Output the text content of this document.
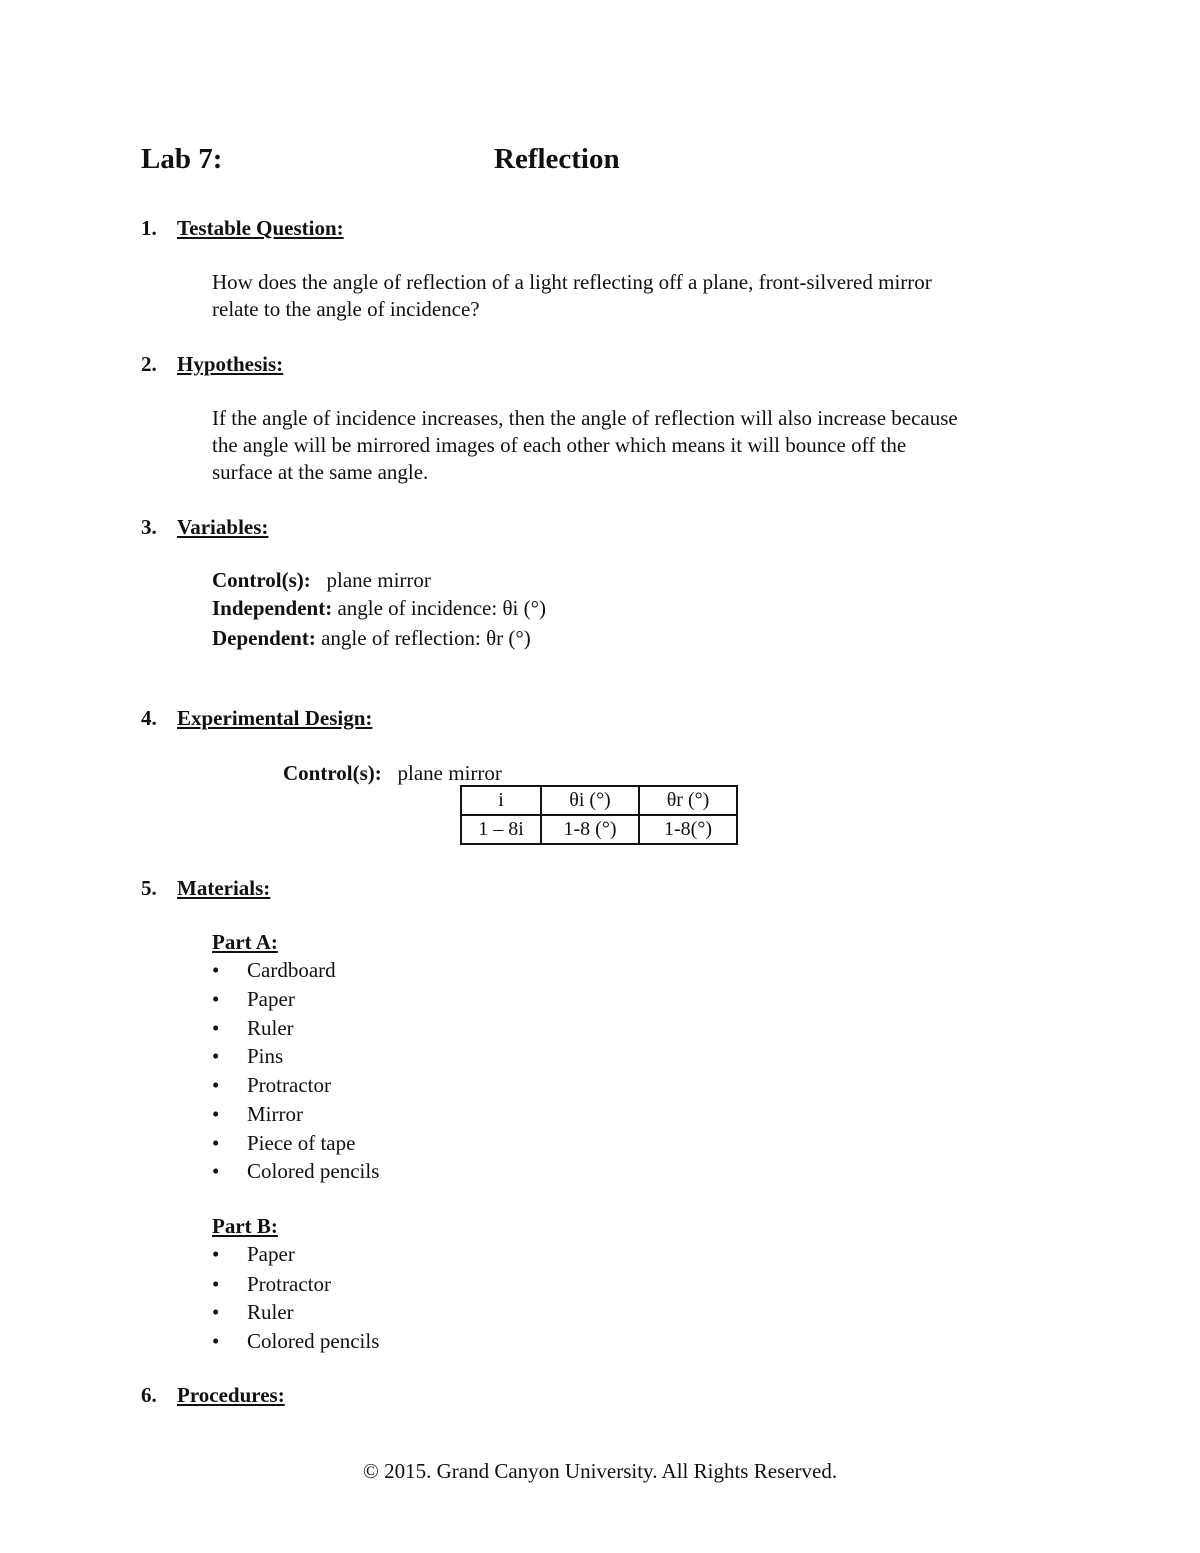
Lab 7:	Reflection
1. Testable Question:
How does the angle of reflection of a light reflecting off a plane, front-silvered mirror
relate to the angle of incidence?
2. Hypothesis:
If the angle of incidence increases, then the angle of reflection will also increase because
the angle will be mirrored images of each other which means it will bounce off the
surface at the same angle.
3. Variables:
Control(s): plane mirror
Independent: angle of incidence: θi (°)
Dependent: angle of reflection: θr (°)
4. Experimental Design:
Control(s): plane mirror
i	θi (°)	θr (°)
1 – 8i	1-8 (°)	1-8(°)
5. Materials:
Part A:
• Cardboard
• Paper
• Ruler
• Pins
• Protractor
• Mirror
• Piece of tape
• Colored pencils
Part B:
• Paper
• Protractor
• Ruler
• Colored pencils
6. Procedures:
© 2015. Grand Canyon University. All Rights Reserved.
